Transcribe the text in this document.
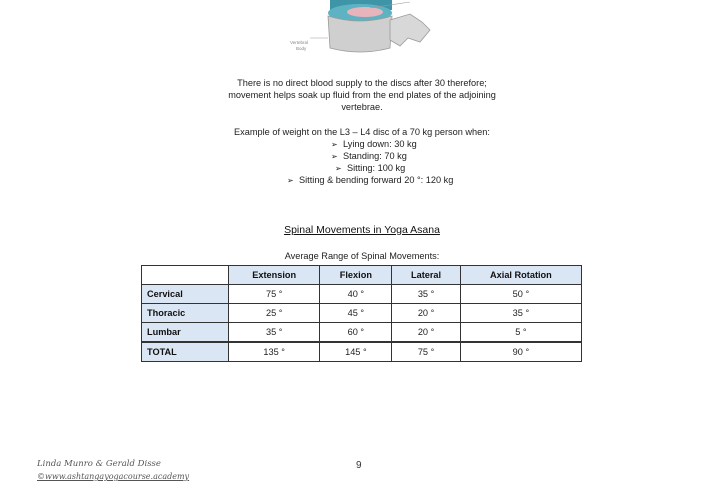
Vertebral
Body
There is no direct blood supply to the discs after 30 therefore;
movement helps soak up fluid from the end plates of the adjoining
vertebrae.
Example of weight on the L3 – L4 disc of a 70 kg person when:
➢ Lying down: 30 kg
➢ Standing: 70 kg
➢ Sitting: 100 kg
➢ Sitting & bending forward 20 °: 120 kg
Spinal Movements in Yoga Asana
Average Range of Spinal Movements:
	Extension	Flexion	Lateral	Axial Rotation
Cervical	75 °	40 °	35 °	50 °
Thoracic	25 °	45 °	20 °	35 °
Lumbar	35 °	60 °	20 °	5 °
TOTAL	135 °	145 °	75 °	90 °
Linda Munro & Gerald Disse
©www.ashtangayogacourse.academy
9
